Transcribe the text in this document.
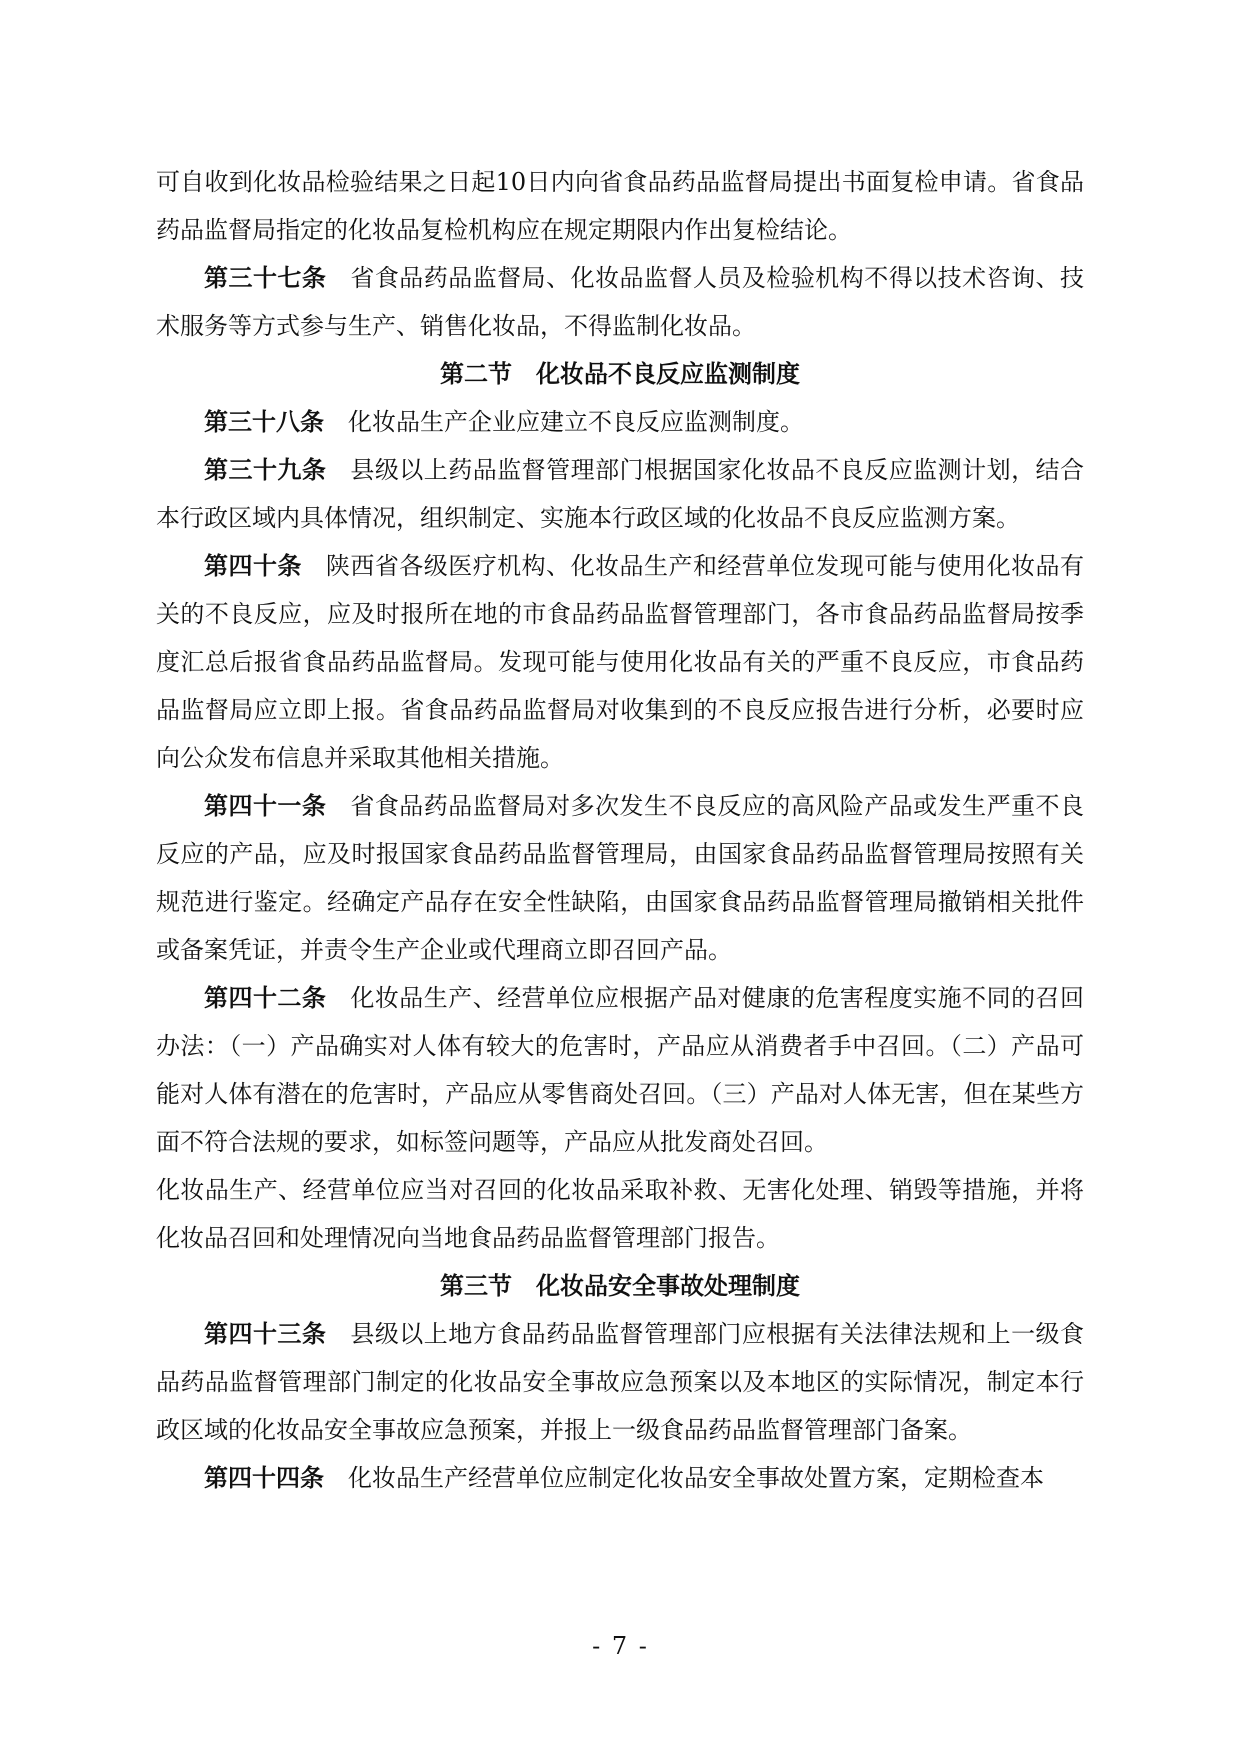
可自收到化妆品检验结果之日起10日内向省食品药品监督局提出书面复检申请。省食品药品监督局指定的化妆品复检机构应在规定期限内作出复检结论。

第三十七条 省食品药品监督局、化妆品监督人员及检验机构不得以技术咨询、技术服务等方式参与生产、销售化妆品，不得监制化妆品。

第二节 化妆品不良反应监测制度

第三十八条 化妆品生产企业应建立不良反应监测制度。

第三十九条 县级以上药品监督管理部门根据国家化妆品不良反应监测计划，结合本行政区域内具体情况，组织制定、实施本行政区域的化妆品不良反应监测方案。

第四十条 陕西省各级医疗机构、化妆品生产和经营单位发现可能与使用化妆品有关的不良反应，应及时报所在地的市食品药品监督管理部门，各市食品药品监督局按季度汇总后报省食品药品监督局。发现可能与使用化妆品有关的严重不良反应，市食品药品监督局应立即上报。省食品药品监督局对收集到的不良反应报告进行分析，必要时应向公众发布信息并采取其他相关措施。

第四十一条 省食品药品监督局对多次发生不良反应的高风险产品或发生严重不良反应的产品，应及时报国家食品药品监督管理局，由国家食品药品监督管理局按照有关规范进行鉴定。经确定产品存在安全性缺陷，由国家食品药品监督管理局撤销相关批件或备案凭证，并责令生产企业或代理商立即召回产品。

第四十二条 化妆品生产、经营单位应根据产品对健康的危害程度实施不同的召回办法：（一）产品确实对人体有较大的危害时，产品应从消费者手中召回。（二）产品可能对人体有潜在的危害时，产品应从零售商处召回。（三）产品对人体无害，但在某些方面不符合法规的要求，如标签问题等，产品应从批发商处召回。

化妆品生产、经营单位应当对召回的化妆品采取补救、无害化处理、销毁等措施，并将化妆品召回和处理情况向当地食品药品监督管理部门报告。

第三节 化妆品安全事故处理制度

第四十三条 县级以上地方食品药品监督管理部门应根据有关法律法规和上一级食品药品监督管理部门制定的化妆品安全事故应急预案以及本地区的实际情况，制定本行政区域的化妆品安全事故应急预案，并报上一级食品药品监督管理部门备案。

第四十四条 化妆品生产经营单位应制定化妆品安全事故处置方案，定期检查本

- 7 -
